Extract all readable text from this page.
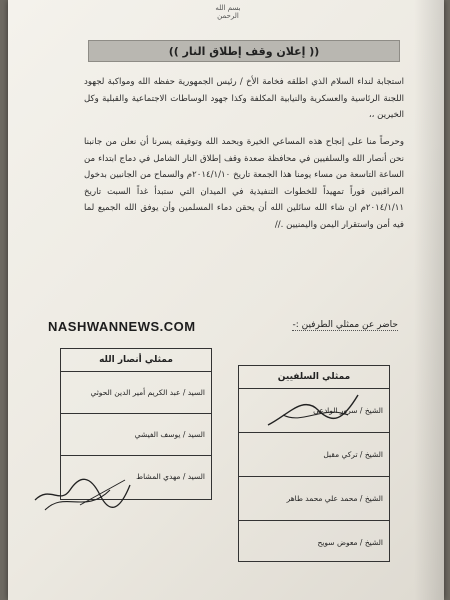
بسم الله الرحمن
(( إعلان وقف إطلاق النار ))
استجابة لنداء السلام الذي اطلقه فخامة الأخ / رئيس الجمهورية حفظه الله ومواكبة لجهود اللجنة الرئاسية والعسكرية والنيابية المكلفة وكذا جهود الوساطات الاجتماعية والقبلية وكل الخيرين ،،
وحرصاً منا على إنجاح هذه المساعي الخيرة وبحمد الله وتوفيقه يسرنا أن نعلن من جانبنا نحن أنصار الله والسلفيين في محافظة صعدة وقف إطلاق النار الشامل في دماج ابتداء من الساعة التاسعة من مساء يومنا هذا الجمعة تاريخ ٢٠١٤/١/١٠م والسماح من الجانبين بدخول المراقبين فوراً تمهيداً للخطوات التنفيذية في الميدان التي ستبدأ غداً السبت تاريخ ٢٠١٤/١/١١م ان شاء الله سائلين الله أن يحقن دماء المسلمين وأن يوفق الله الجميع لما فيه أمن واستقرار اليمن واليمنيين .//
NASHWANNEWS.COM	حاضر عن ممثلي الطرفين :-
ممثلي أنصار الله
السيد / عبد الكريم أمير الدين الحوثي
السيد / يوسف الفيشي
السيد / مهدي المشاط
ممثلي السلفيين
الشيخ / سرور الوادعي
الشيخ / تركي مقبل
الشيخ / محمد علي محمد طاهر
الشيخ / معوض سويح
